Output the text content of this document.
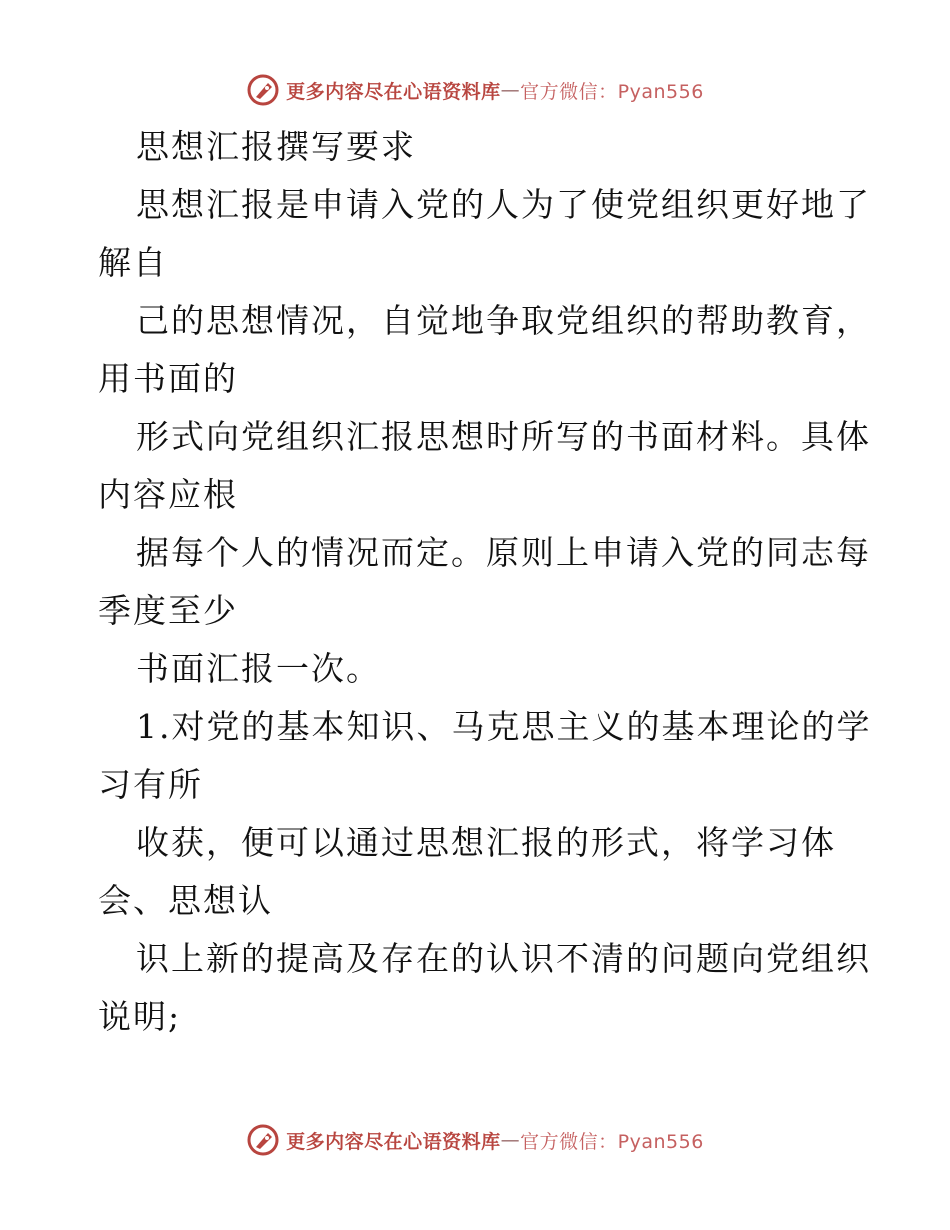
更多内容尽在心语资料库 — 官方微信：Pyan556
思想汇报撰写要求
思想汇报是申请入党的人为了使党组织更好地了
解自
己的思想情况，自觉地争取党组织的帮助教育，
用书面的
形式向党组织汇报思想时所写的书面材料。具体
内容应根
据每个人的情况而定。原则上申请入党的同志每
季度至少
书面汇报一次。
1.对党的基本知识、马克思主义的基本理论的学
习有所
收获，便可以通过思想汇报的形式，将学习体
会、思想认
识上新的提高及存在的认识不清的问题向党组织
说明;
更多内容尽在心语资料库 — 官方微信：Pyan556
